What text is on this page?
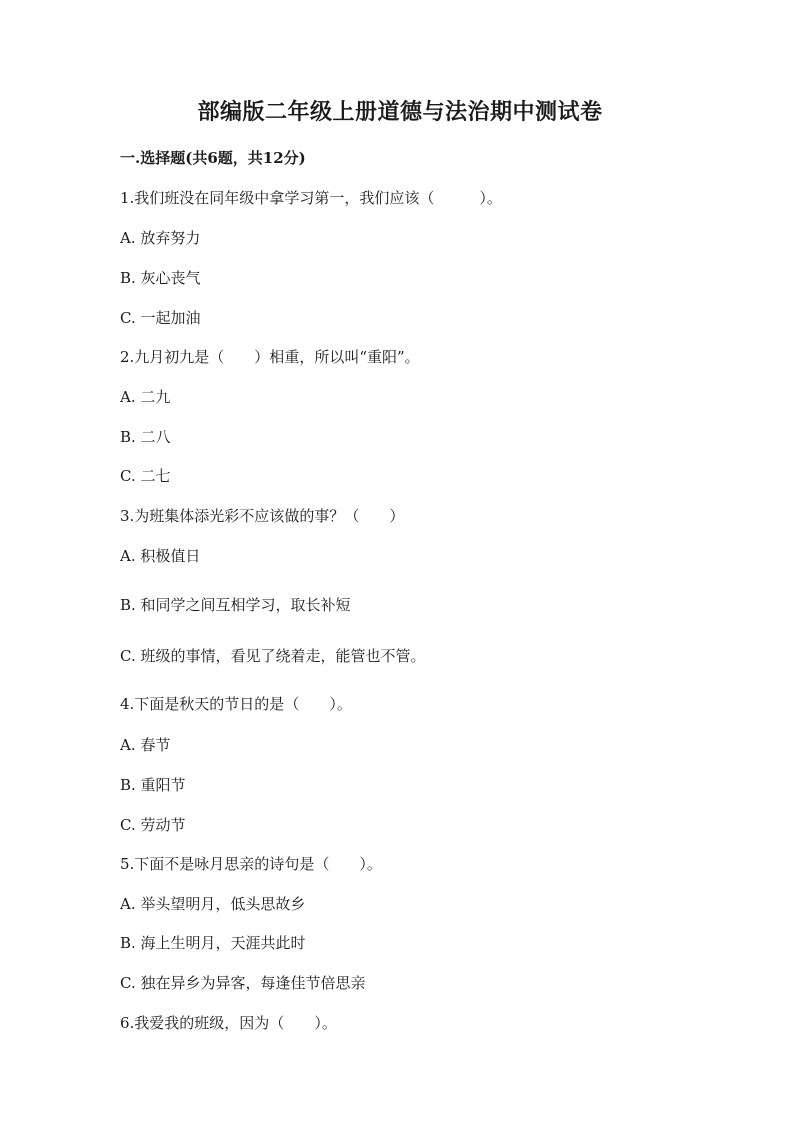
部编版二年级上册道德与法治期中测试卷
一.选择题(共6题，共12分)
1.我们班没在同年级中拿学习第一，我们应该（　　　）。
A. 放弃努力
B. 灰心丧气
C. 一起加油
2.九月初九是（　　）相重，所以叫“重阳”。
A. 二九
B. 二八
C. 二七
3.为班集体添光彩不应该做的事？（　　）
A. 积极值日
B. 和同学之间互相学习，取长补短
C. 班级的事情，看见了绕着走，能管也不管。
4.下面是秋天的节日的是（　　）。
A. 春节
B. 重阳节
C. 劳动节
5.下面不是咏月思亲的诗句是（　　）。
A. 举头望明月，低头思故乡
B. 海上生明月，天涯共此时
C. 独在异乡为异客，每逢佳节倍思亲
6.我爱我的班级，因为（　　）。
